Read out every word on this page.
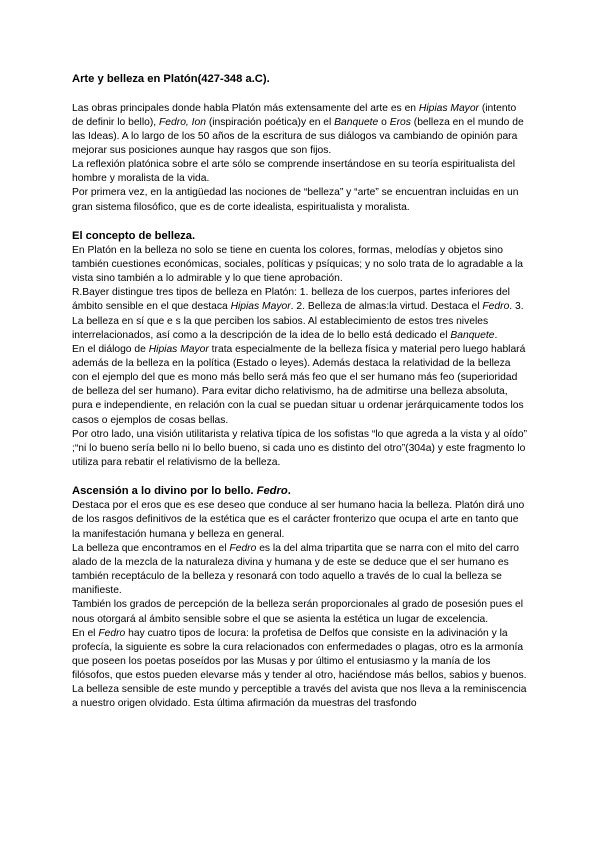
Arte y belleza en Platón(427-348 a.C).

Las obras principales donde habla Platón más extensamente del arte es en Hipias Mayor (intento de definir lo bello), Fedro, Ion (inspiración poética)y en el Banquete o Eros (belleza en el mundo de las Ideas). A lo largo de los 50 años de la escritura de sus diálogos va cambiando de opinión para mejorar sus posiciones aunque hay rasgos que son fijos.

La reflexión platónica sobre el arte sólo se comprende insertándose en su teoría espiritualista del hombre y moralista de la vida.

Por primera vez, en la antigüedad las nociones de “belleza” y “arte” se encuentran incluidas en un gran sistema filosófico, que es de corte idealista, espiritualista y moralista.

El concepto de belleza.

En Platón en la belleza no solo se tiene en cuenta los colores, formas, melodías y objetos sino también cuestiones económicas, sociales, políticas y psíquicas; y no solo trata de lo agradable a la vista sino también a lo admirable y lo que tiene aprobación.

R.Bayer distingue tres tipos de belleza en Platón: 1. belleza de los cuerpos, partes inferiores del ámbito sensible en el que destaca Hipias Mayor. 2. Belleza de almas:la virtud. Destaca el Fedro. 3. La belleza en sí que e s la que perciben los sabios. Al establecimiento de estos tres niveles interrelacionados, así como a la descripción de la idea de lo bello está dedicado el Banquete.

En el diálogo de Hipias Mayor trata especialmente de la belleza física y material pero luego hablará además de la belleza en la política (Estado o leyes). Además destaca la relatividad de la belleza con el ejemplo del que es mono más bello será más feo que el ser humano más feo (superioridad de belleza del ser humano). Para evitar dicho relativismo, ha de admitirse una belleza absoluta, pura e independiente, en relación con la cual se puedan situar u ordenar jerárquicamente todos los casos o ejemplos de cosas bellas.

Por otro lado, una visión utilitarista y relativa típica de los sofistas “lo que agreda a la vista y al oído” ;“ni lo bueno sería bello ni lo bello bueno, si cada uno es distinto del otro”(304a) y este fragmento lo utiliza para rebatir el relativismo de la belleza.

Ascensión a lo divino por lo bello. Fedro.

Destaca por el eros que es ese deseo que conduce al ser humano hacia la belleza. Platón dirá uno de los rasgos definitivos de la estética que es el carácter fronterizo que ocupa el arte en tanto que la manifestación humana y belleza en general.

La belleza que encontramos en el Fedro es la del alma tripartita que se narra con el mito del carro alado de la mezcla de la naturaleza divina y humana y de este se deduce que el ser humano es también receptáculo de la belleza y resonará con todo aquello a través de lo cual la belleza se manifieste.

También los grados de percepción de la belleza serán proporcionales al grado de posesión pues el nous otorgará al ámbito sensible sobre el que se asienta la estética un lugar de excelencia.

En el Fedro hay cuatro tipos de locura: la profetisa de Delfos que consiste en la adivinación y la profecía, la siguiente es sobre la cura relacionados con enfermedades o plagas, otro es la armonía que poseen los poetas poseídos por las Musas y por último el entusiasmo y la manía de los filósofos, que estos pueden elevarse más y tender al otro, haciéndose más bellos, sabios y buenos.

La belleza sensible de este mundo y perceptible a través del avista que nos lleva a la reminiscencia a nuestro origen olvidado. Esta última afirmación da muestras del trasfondo
